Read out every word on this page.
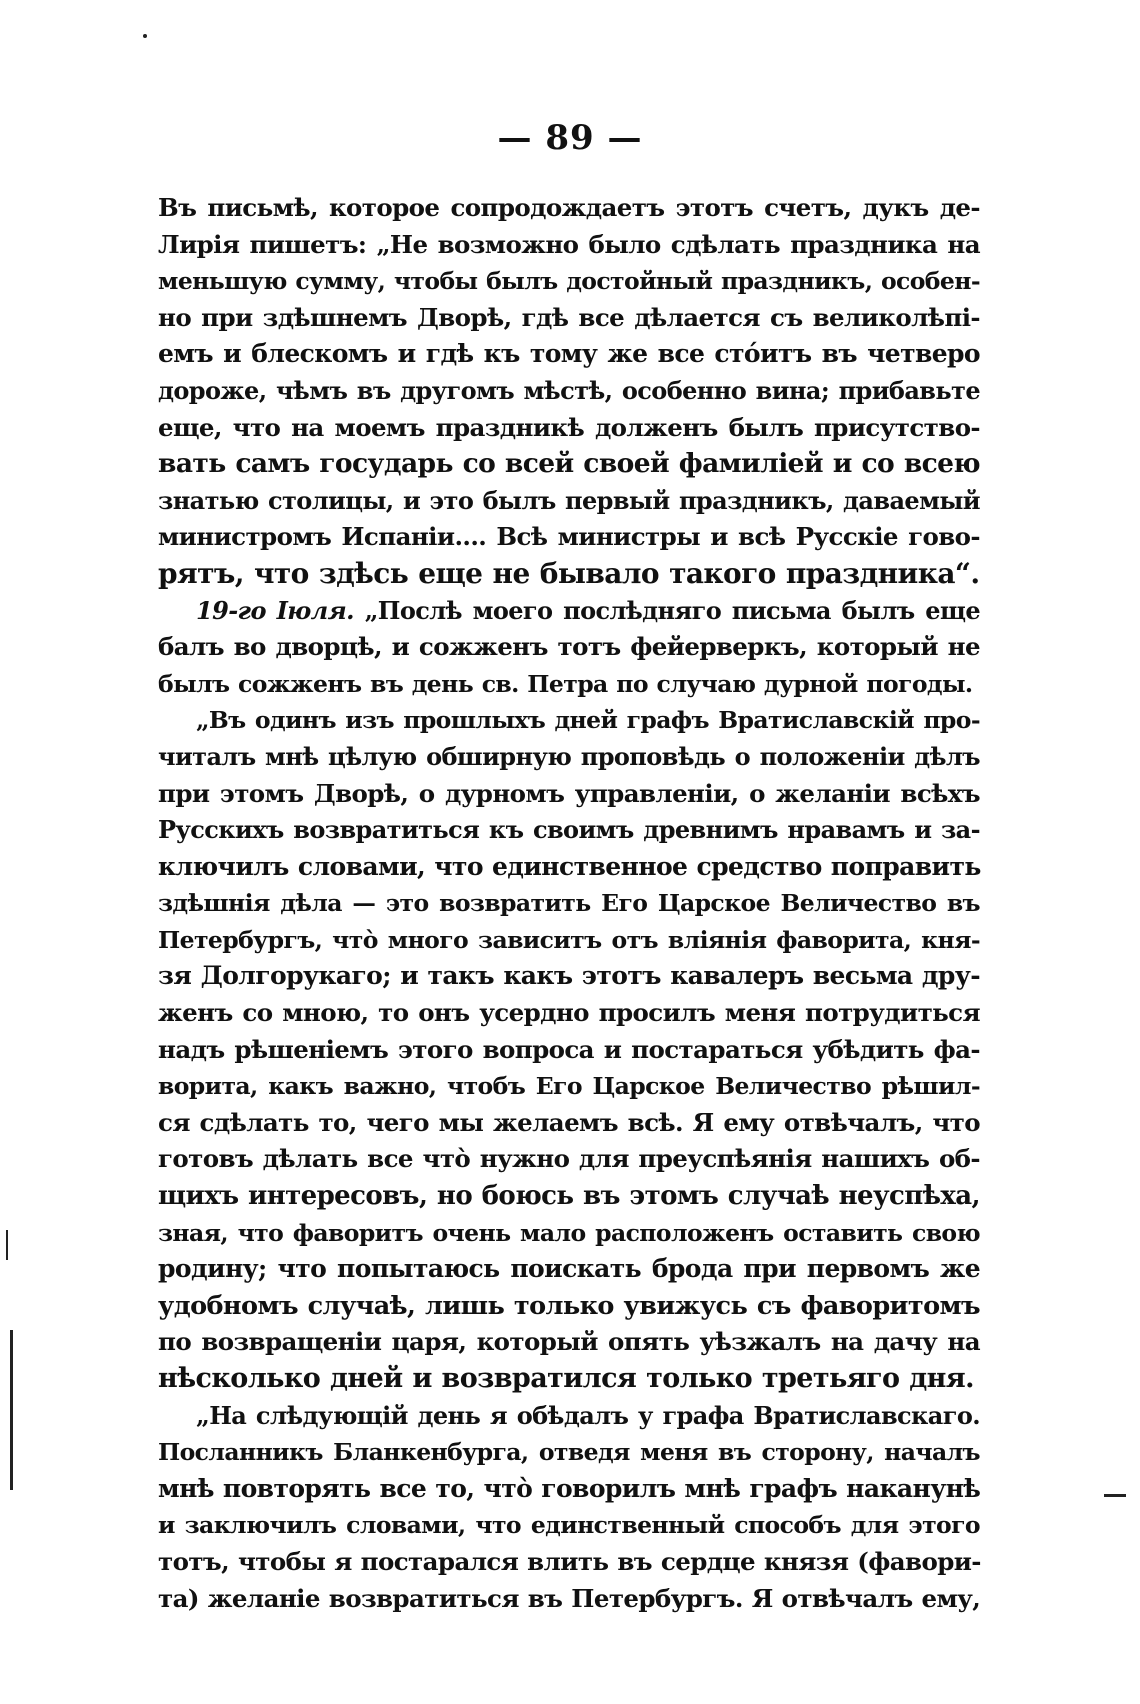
— 89 —
Въ письмѣ, которое сопродождаетъ этотъ счетъ, дукъ де-
Лирія пишетъ: „Не возможно было сдѣлать праздника на
меньшую сумму, чтобы былъ достойный праздникъ, особен-
но при здѣшнемъ Дворѣ, гдѣ все дѣлается съ великолѣпі-
емъ и блескомъ и гдѣ къ тому же все стóитъ въ четверо
дороже, чѣмъ въ другомъ мѣстѣ, особенно вина; прибавьте
еще, что на моемъ праздникѣ долженъ былъ присутство-
вать самъ государь со всей своей фамиліей и со всею
знатью столицы, и это былъ первый праздникъ, даваемый
министромъ Испаніи.... Всѣ министры и всѣ Русскіе гово-
рятъ, что здѣсь еще не бывало такого праздника“.
19-го Іюля. „Послѣ моего послѣдняго письма былъ еще
балъ во дворцѣ, и сожженъ тотъ фейерверкъ, который не
былъ сожженъ въ день св. Петра по случаю дурной погоды.
„Въ одинъ изъ прошлыхъ дней графъ Вратиславскій про-
читалъ мнѣ цѣлую обширную проповѣдь о положеніи дѣлъ
при этомъ Дворѣ, о дурномъ управленіи, о желаніи всѣхъ
Русскихъ возвратиться къ своимъ древнимъ нравамъ и за-
ключилъ словами, что единственное средство поправить
здѣшнія дѣла — это возвратить Его Царское Величество въ
Петербургъ, что̀ много зависитъ отъ вліянія фаворита, кня-
зя Долгорукаго; и такъ какъ этотъ кавалеръ весьма дру-
женъ со мною, то онъ усердно просилъ меня потрудиться
надъ рѣшеніемъ этого вопроса и постараться убѣдить фа-
ворита, какъ важно, чтобъ Его Царское Величество рѣшил-
ся сдѣлать то, чего мы желаемъ всѣ. Я ему отвѣчалъ, что
готовъ дѣлать все что̀ нужно для преуспѣянія нашихъ об-
щихъ интересовъ, но боюсь въ этомъ случаѣ неуспѣха,
зная, что фаворитъ очень мало расположенъ оставить свою
родину; что попытаюсь поискать брода при первомъ же
удобномъ случаѣ, лишь только увижусь съ фаворитомъ
по возвращеніи царя, который опять уѣзжалъ на дачу на
нѣсколько дней и возвратился только третьяго дня.
„На слѣдующій день я обѣдалъ у графа Вратиславскаго.
Посланникъ Бланкенбурга, отведя меня въ сторону, началъ
мнѣ повторять все то, что̀ говорилъ мнѣ графъ наканунѣ
и заключилъ словами, что единственный способъ для этого
тотъ, чтобы я постарался влить въ сердце князя (фавори-
та) желаніе возвратиться въ Петербургъ. Я отвѣчалъ ему,
